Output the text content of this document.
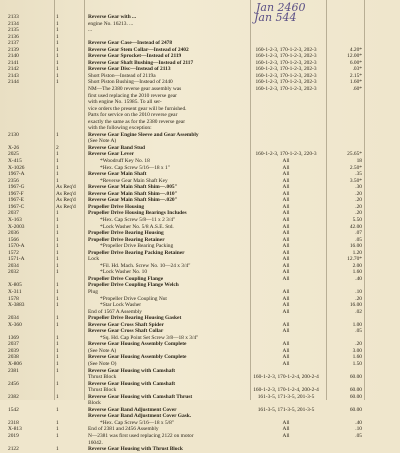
Jan 2460
Jan 544
2133	1	Reverse Gear with ...
2134	1	engine No. 16213. ...
2135	1	...
2136	1
2137	1	Reverse Gear Case—Instead of 2478
2139	1	Reverse Gear Stem Collar—Instead of 2402	160-1-2-3, 170-1-2-3, 202-3	4.20*
2140	1	Reverse Gear Sprocket—Instead of 2119	160-1-2-3, 170-1-2-3, 202-3	12.00*
2141	1	Reverse Gear Shaft Bushing—Instead of 2117	160-1-2-3, 170-1-2-3, 202-3	6.00*
2142	1	Reverse Gear Disc—Instead of 2113	160-1-2-3, 170-1-2-3, 202-3	.03*
2143	1	Short Piston—Instead of 2119a	160-1-2-3, 170-1-2-3, 202-3	2.15*
2144	1	Short Piston Bushing—Instead of 2440	160-1-2-3, 170-1-2-3, 202-3	1.60*
NM—The 2380 reverse gear assembly was	160-1-2-3, 170-1-2-3, 202-3	.60*
first used replacing the 2010 reverse gear
with engine No. 15985. To all ser-
vice orders the present gear will be furnished.
Parts for service on the 2010 reverse gear
exactly the same as for the 2380 reverse gear
with the following exception:
2130	1	Reverse Gear Engine Sleeve and Gear Assembly
(See Note A)
X-26	2	Reverse Gear Band Stud
2025	1	Reverse Gear Lever	160-1-2-3, 170-1-2-3, 220-3	25.65*
X-415	1	*Woodruff Key No. 18	All	18
X-1026	1	*Hex. Cap Screw 5/16—18 x 1"	All	2.50*
1967-A	1	Reverse Gear Main Shaft	All	.35
2356	1	*Reverse Gear Main Shaft Key	All	3.50*
1967-G	As Req'd	Reverse Gear Main Shaft Shim—.005"	All	.30
1967-F	As Req'd	Reverse Gear Main Shaft Shim—.010"	All	.20
1967-E	As Req'd	Reverse Gear Main Shaft Shim—.020"	All	.20
1967-C	As Req'd	Propeller Drive Housing	All	.20
2037	1	Propeller Drive Housing Bearings Includes	All	.20
X-163	1	*Hex. Cap Screw 5/8—11 x 2 3/4"	All	5.50
X-2003	1	*Lock Washer No. 5/8 A.S.E. Std.	All	42.00
2036	1	Propeller Drive Bearing Housing	All	.07
1566	1	Propeller Drive Bearing Retainer	All	.05
1570-A	1	*Propeller Drive Bearing Packing	All	16.00
1572	1	Propeller Drive Bearing Packing Retainer	All	1.20
1571-A	1	Lock	All	12.70*
2034	1	*Fil. Hd. Mach. Screw No. 10—24 x 3/4"	All	2.00
2032	1	*Lock Washer No. 10	All	1.60
Propeller Drive Coupling Flange	All	.40
X-805	1	Propeller Drive Coupling Flange Welch
X-311	1	Plug	All	.10
1578	1	*Propeller Drive Coupling Nut	All	.20
X-3883	1	*Star Lock Washer	All	16.00
End of 1567 A Assembly	All	.02
2034	1	Propeller Drive Bearing Housing Gasket
X-360	1	Reverse Gear Cross Shaft Spider	All	1.00
Reverse Gear Cross Shaft Collar	All	.05
1369	1	*Sq. Hd. Cap Point Set Screw 3/8—18 x 3/4"
2037	1	Reverse Gear Housing Assembly Complete	All	.20
2039	1	(See Note A)	All	3.00
2038	1	Reverse Gear Housing Assembly Complete	All	1.60
X-806	1	(See Note O)	All	1.50
2381	1	Reverse Gear Housing with Camshaft
Thrust Block	160-1-2-3, 170-1-2-4, 200-2-4	60.00
2456	1	Reverse Gear Housing with Camshaft
Thrust Block	160-1-2-3, 170-1-2-4, 200-2-4	60.00
2382	1	Reverse Gear Housing with Camshaft Thrust	161-3-5, 171-3-5, 201-3-5	60.00
Block
1542	1	Reverse Gear Band Adjustment Cover	161-3-5, 171-3-5, 201-3-5	60.00
Reverse Gear Band Adjustment Cover Gask.
2318	1	*Hex. Cap Screw 5/16—18 x 5/8"	All	.40
X-813	1	End of 2381 and 2456 Assembly	All	.10
2019	1	N—2381 was first used replacing 2122 on motor	All	.05
16042.
2122	1	Reverse Gear Housing with Thrust Block
